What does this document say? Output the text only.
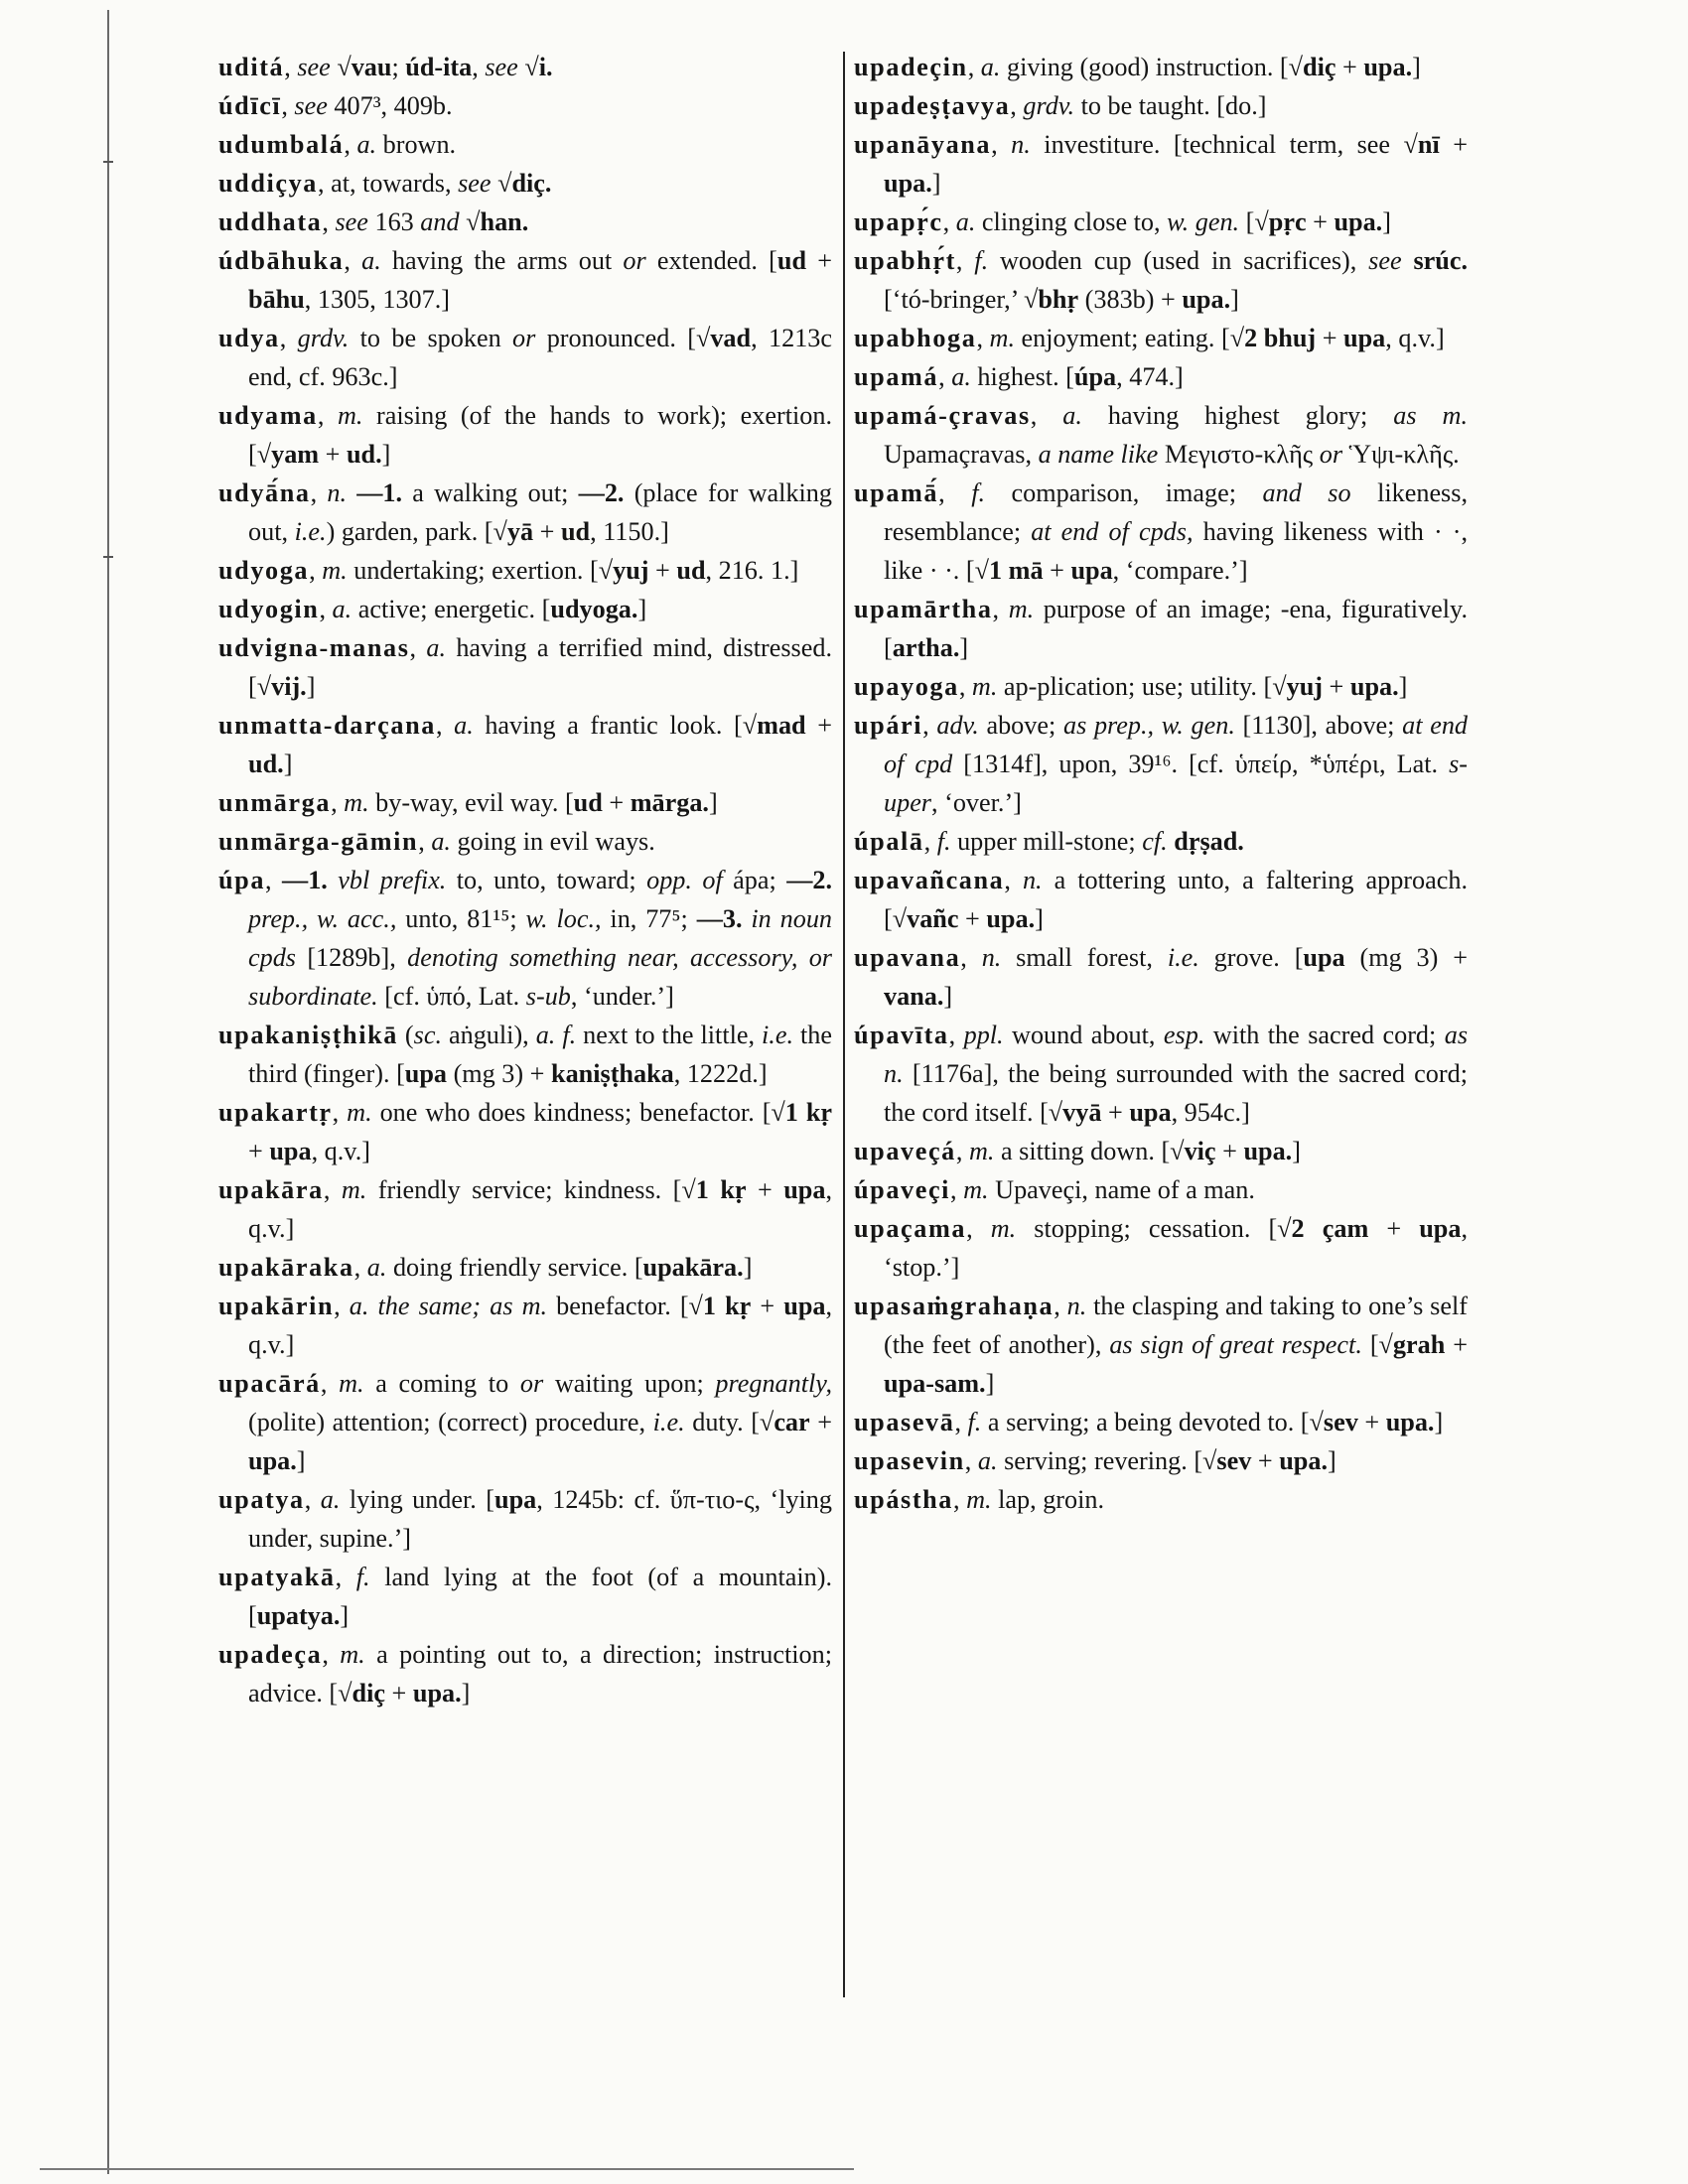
uditá, see √vau; úd-ita, see √i.

údīcī, see 407³, 409b.

udumbalá, a. brown.

uddiçya, at, towards, see √diç.

uddhata, see 163 and √han.

údbāhuka, a. having the arms out or extended. [ud + bāhu, 1305, 1307.]

udya, grdv. to be spoken or pronounced. [√vad, 1213c end, cf. 963c.]

udyama, m. raising (of the hands to work); exertion. [√yam + ud.]

udyā́na, n. —1. a walking out; —2. (place for walking out, i.e.) garden, park. [√yā + ud, 1150.]

udyoga, m. undertaking; exertion. [√yuj + ud, 216. 1.]

udyogin, a. active; energetic. [udyoga.]

udvigna-manas, a. having a terrified mind, distressed. [√vij.]

unmatta-darçana, a. having a frantic look. [√mad + ud.]

unmārga, m. by-way, evil way. [ud + mārga.]

unmārga-gāmin, a. going in evil ways.

úpa, —1. vbl prefix. to, unto, toward; opp. of ápa; —2. prep., w. acc., unto, 81¹⁵; w. loc., in, 77⁵; —3. in noun cpds [1289b], denoting something near, accessory, or subordinate. [cf. ὑπό, Lat. s-ub, ‘under.’]

upakaniṣṭhikā (sc. aṅguli), a. f. next to the little, i.e. the third (finger). [upa (mg 3) + kaniṣṭhaka, 1222d.]

upakartṛ, m. one who does kindness; benefactor. [√1 kṛ + upa, q.v.]

upakāra, m. friendly service; kindness. [√1 kṛ + upa, q.v.]

upakāraka, a. doing friendly service. [upakāra.]

upakārin, a. the same; as m. benefactor. [√1 kṛ + upa, q.v.]

upacārá, m. a coming to or waiting upon; pregnantly, (polite) attention; (correct) procedure, i.e. duty. [√car + upa.]

upatya, a. lying under. [upa, 1245b: cf. ὕπ-τιο-ς, ‘lying under, supine.’]

upatyakā, f. land lying at the foot (of a mountain). [upatya.]

upadeça, m. a pointing out to, a direction; instruction; advice. [√diç + upa.]

upadeçin, a. giving (good) instruction. [√diç + upa.]

upadeṣṭavya, grdv. to be taught. [do.]

upanāyana, n. investiture. [technical term, see √nī + upa.]

upapṛ́c, a. clinging close to, w. gen. [√pṛc + upa.]

upabhṛ́t, f. wooden cup (used in sacrifices), see srúc. [‘tó-bringer,’ √bhṛ (383b) + upa.]

upabhoga, m. enjoyment; eating. [√2 bhuj + upa, q.v.]

upamá, a. highest. [úpa, 474.]

upamá-çravas, a. having highest glory; as m. Upamaçravas, a name like Μεγιστο-κλῆς or Ὑψι-κλῆς.

upamā́, f. comparison, image; and so likeness, resemblance; at end of cpds, having likeness with · ·, like · ·. [√1 mā + upa, ‘compare.’]

upamārtha, m. purpose of an image; -ena, figuratively. [artha.]

upayoga, m. ap-plication; use; utility. [√yuj + upa.]

upári, adv. above; as prep., w. gen. [1130], above; at end of cpd [1314f], upon, 39¹⁶. [cf. ὑπείρ, *ὑπέρι, Lat. s-uper, ‘over.’]

úpalā, f. upper mill-stone; cf. dṛṣad.

upavañcana, n. a tottering unto, a faltering approach. [√vañc + upa.]

upavana, n. small forest, i.e. grove. [upa (mg 3) + vana.]

úpavīta, ppl. wound about, esp. with the sacred cord; as n. [1176a], the being surrounded with the sacred cord; the cord itself. [√vyā + upa, 954c.]

upaveçá, m. a sitting down. [√viç + upa.]

úpaveçi, m. Upaveçi, name of a man.

upaçama, m. stopping; cessation. [√2 çam + upa, ‘stop.’]

upasaṁgrahaṇa, n. the clasping and taking to one’s self (the feet of another), as sign of great respect. [√grah + upa-sam.]

upasevā, f. a serving; a being devoted to. [√sev + upa.]

upasevin, a. serving; revering. [√sev + upa.]

upástha, m. lap, groin.
